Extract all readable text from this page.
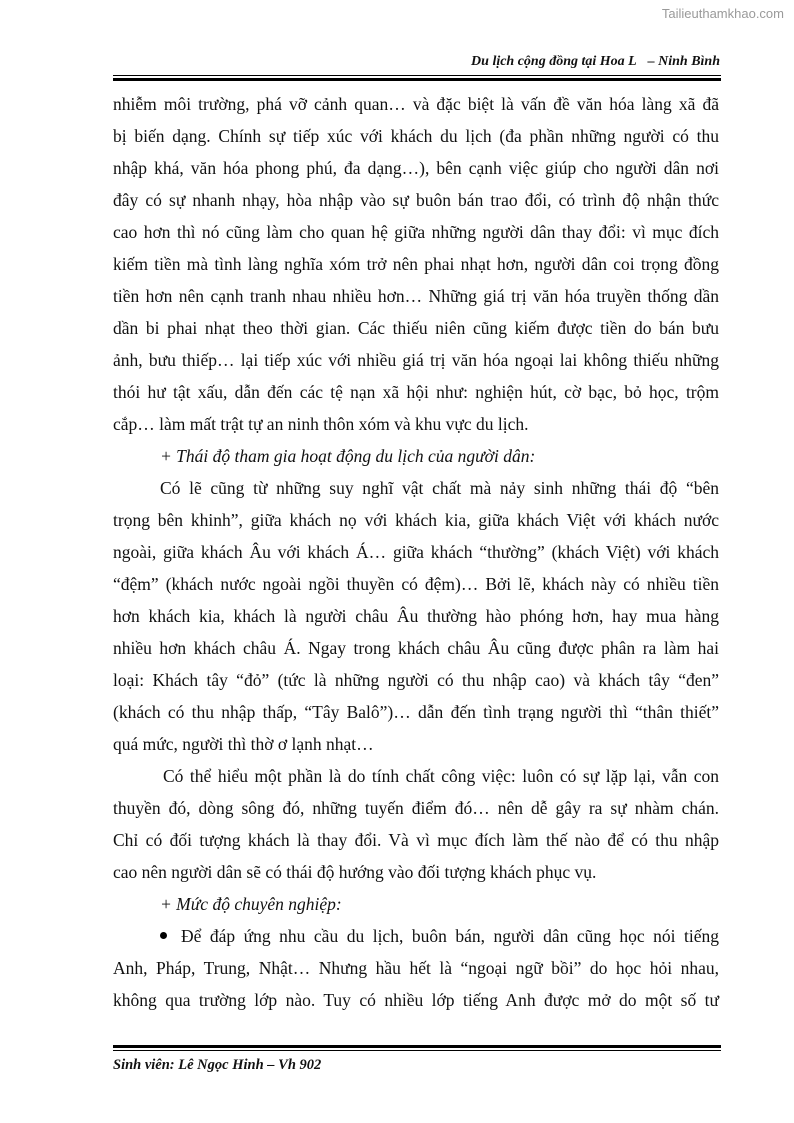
Tailieuthamkhao.com
Du lịch cộng đồng tại Hoa L – Ninh Bình

nhiễm môi trường, phá vỡ cảnh quan… và đặc biệt là vấn đề văn hóa làng xã đã
bị biến dạng. Chính sự tiếp xúc với khách du lịch (đa phần những người có thu
nhập khá, văn hóa phong phú, đa dạng…), bên cạnh việc giúp cho người dân nơi
đây có sự nhanh nhạy, hòa nhập vào sự buôn bán trao đổi, có trình độ nhận thức
cao hơn thì nó cũng làm cho quan hệ giữa những người dân thay đổi: vì mục đích
kiếm tiền mà tình làng nghĩa xóm trở nên phai nhạt hơn, người dân coi trọng đồng
tiền hơn nên cạnh tranh nhau nhiều hơn… Những giá trị văn hóa truyền thống dần
dần bi phai nhạt theo thời gian. Các thiếu niên cũng kiếm được tiền do bán bưu
ảnh, bưu thiếp… lại tiếp xúc với nhiều giá trị văn hóa ngoại lai không thiếu những
thói hư tật xấu, dẫn đến các tệ nạn xã hội như: nghiện hút, cờ bạc, bỏ học, trộm
cắp… làm mất trật tự an ninh thôn xóm và khu vực du lịch.

+ Thái độ tham gia hoạt động du lịch của người dân:

Có lẽ cũng từ những suy nghĩ vật chất mà nảy sinh những thái độ “bên
trọng bên khinh”, giữa khách nọ với khách kia, giữa khách Việt với khách nước
ngoài, giữa khách Âu với khách Á… giữa khách “thường” (khách Việt) với khách
“đệm” (khách nước ngoài ngồi thuyền có đệm)… Bởi lẽ, khách này có nhiều tiền
hơn khách kia, khách là người châu Âu thường hào phóng hơn, hay mua hàng
nhiều hơn khách châu Á. Ngay trong khách châu Âu cũng được phân ra làm hai
loại: Khách tây “đỏ” (tức là những người có thu nhập cao) và khách tây “đen”
(khách có thu nhập thấp, “Tây Balô”)… dẫn đến tình trạng người thì “thân thiết”
quá mức, người thì thờ ơ lạnh nhạt…

Có thể hiểu một phần là do tính chất công việc: luôn có sự lặp lại, vẫn con
thuyền đó, dòng sông đó, những tuyến điểm đó… nên dễ gây ra sự nhàm chán.
Chỉ có đối tượng khách là thay đổi. Và vì mục đích làm thế nào để có thu nhập
cao nên người dân sẽ có thái độ hướng vào đối tượng khách phục vụ.

+ Mức độ chuyên nghiệp:

Để đáp ứng nhu cầu du lịch, buôn bán, người dân cũng học nói tiếng
Anh, Pháp, Trung, Nhật… Nhưng hầu hết là “ngoại ngữ bồi” do học hỏi nhau,
không qua trường lớp nào. Tuy có nhiều lớp tiếng Anh được mở do một số tư

Sinh viên: Lê Ngọc Hinh – Vh 902
